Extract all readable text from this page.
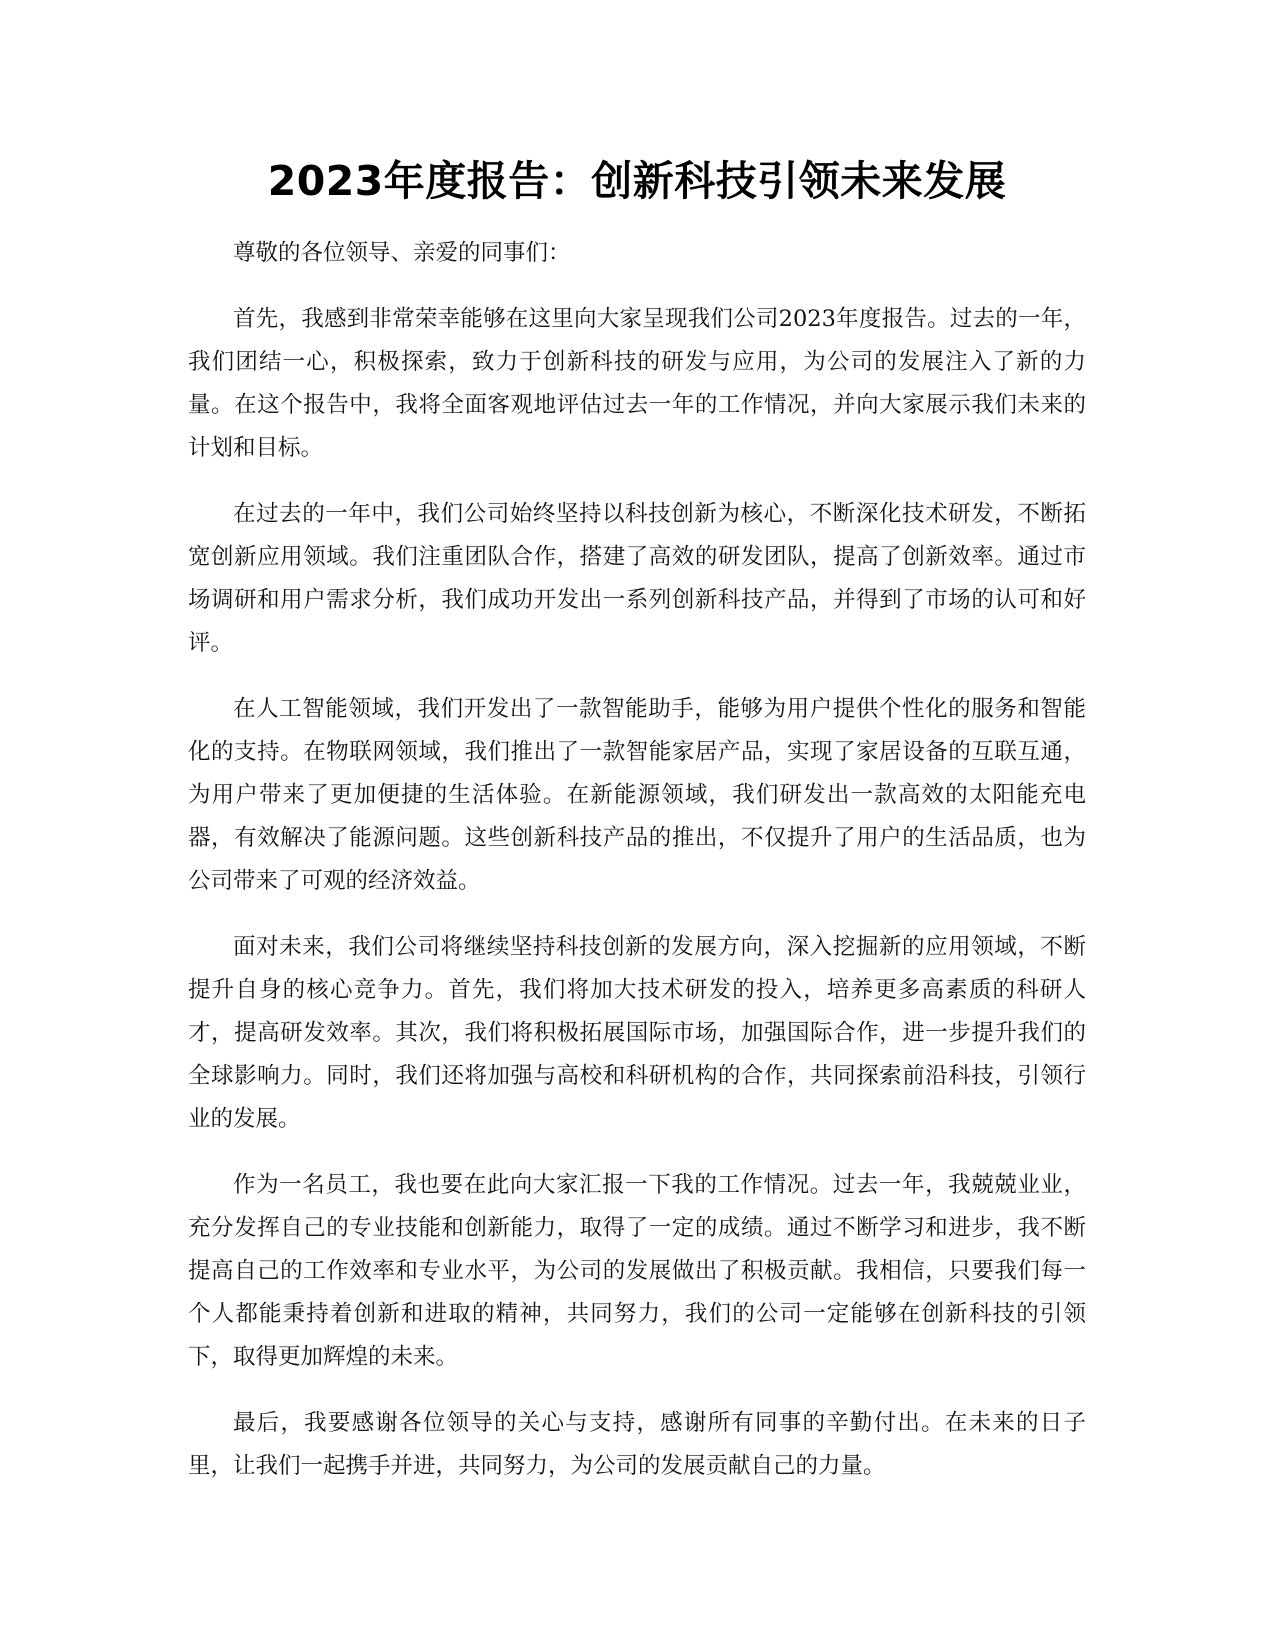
2023年度报告：创新科技引领未来发展

尊敬的各位领导、亲爱的同事们：

首先，我感到非常荣幸能够在这里向大家呈现我们公司2023年度报告。过去的一年，我们团结一心，积极探索，致力于创新科技的研发与应用，为公司的发展注入了新的力量。在这个报告中，我将全面客观地评估过去一年的工作情况，并向大家展示我们未来的计划和目标。

在过去的一年中，我们公司始终坚持以科技创新为核心，不断深化技术研发，不断拓宽创新应用领域。我们注重团队合作，搭建了高效的研发团队，提高了创新效率。通过市场调研和用户需求分析，我们成功开发出一系列创新科技产品，并得到了市场的认可和好评。

在人工智能领域，我们开发出了一款智能助手，能够为用户提供个性化的服务和智能化的支持。在物联网领域，我们推出了一款智能家居产品，实现了家居设备的互联互通，为用户带来了更加便捷的生活体验。在新能源领域，我们研发出一款高效的太阳能充电器，有效解决了能源问题。这些创新科技产品的推出，不仅提升了用户的生活品质，也为公司带来了可观的经济效益。

面对未来，我们公司将继续坚持科技创新的发展方向，深入挖掘新的应用领域，不断提升自身的核心竞争力。首先，我们将加大技术研发的投入，培养更多高素质的科研人才，提高研发效率。其次，我们将积极拓展国际市场，加强国际合作，进一步提升我们的全球影响力。同时，我们还将加强与高校和科研机构的合作，共同探索前沿科技，引领行业的发展。

作为一名员工，我也要在此向大家汇报一下我的工作情况。过去一年，我兢兢业业，充分发挥自己的专业技能和创新能力，取得了一定的成绩。通过不断学习和进步，我不断提高自己的工作效率和专业水平，为公司的发展做出了积极贡献。我相信，只要我们每一个人都能秉持着创新和进取的精神，共同努力，我们的公司一定能够在创新科技的引领下，取得更加辉煌的未来。

最后，我要感谢各位领导的关心与支持，感谢所有同事的辛勤付出。在未来的日子里，让我们一起携手并进，共同努力，为公司的发展贡献自己的力量。
